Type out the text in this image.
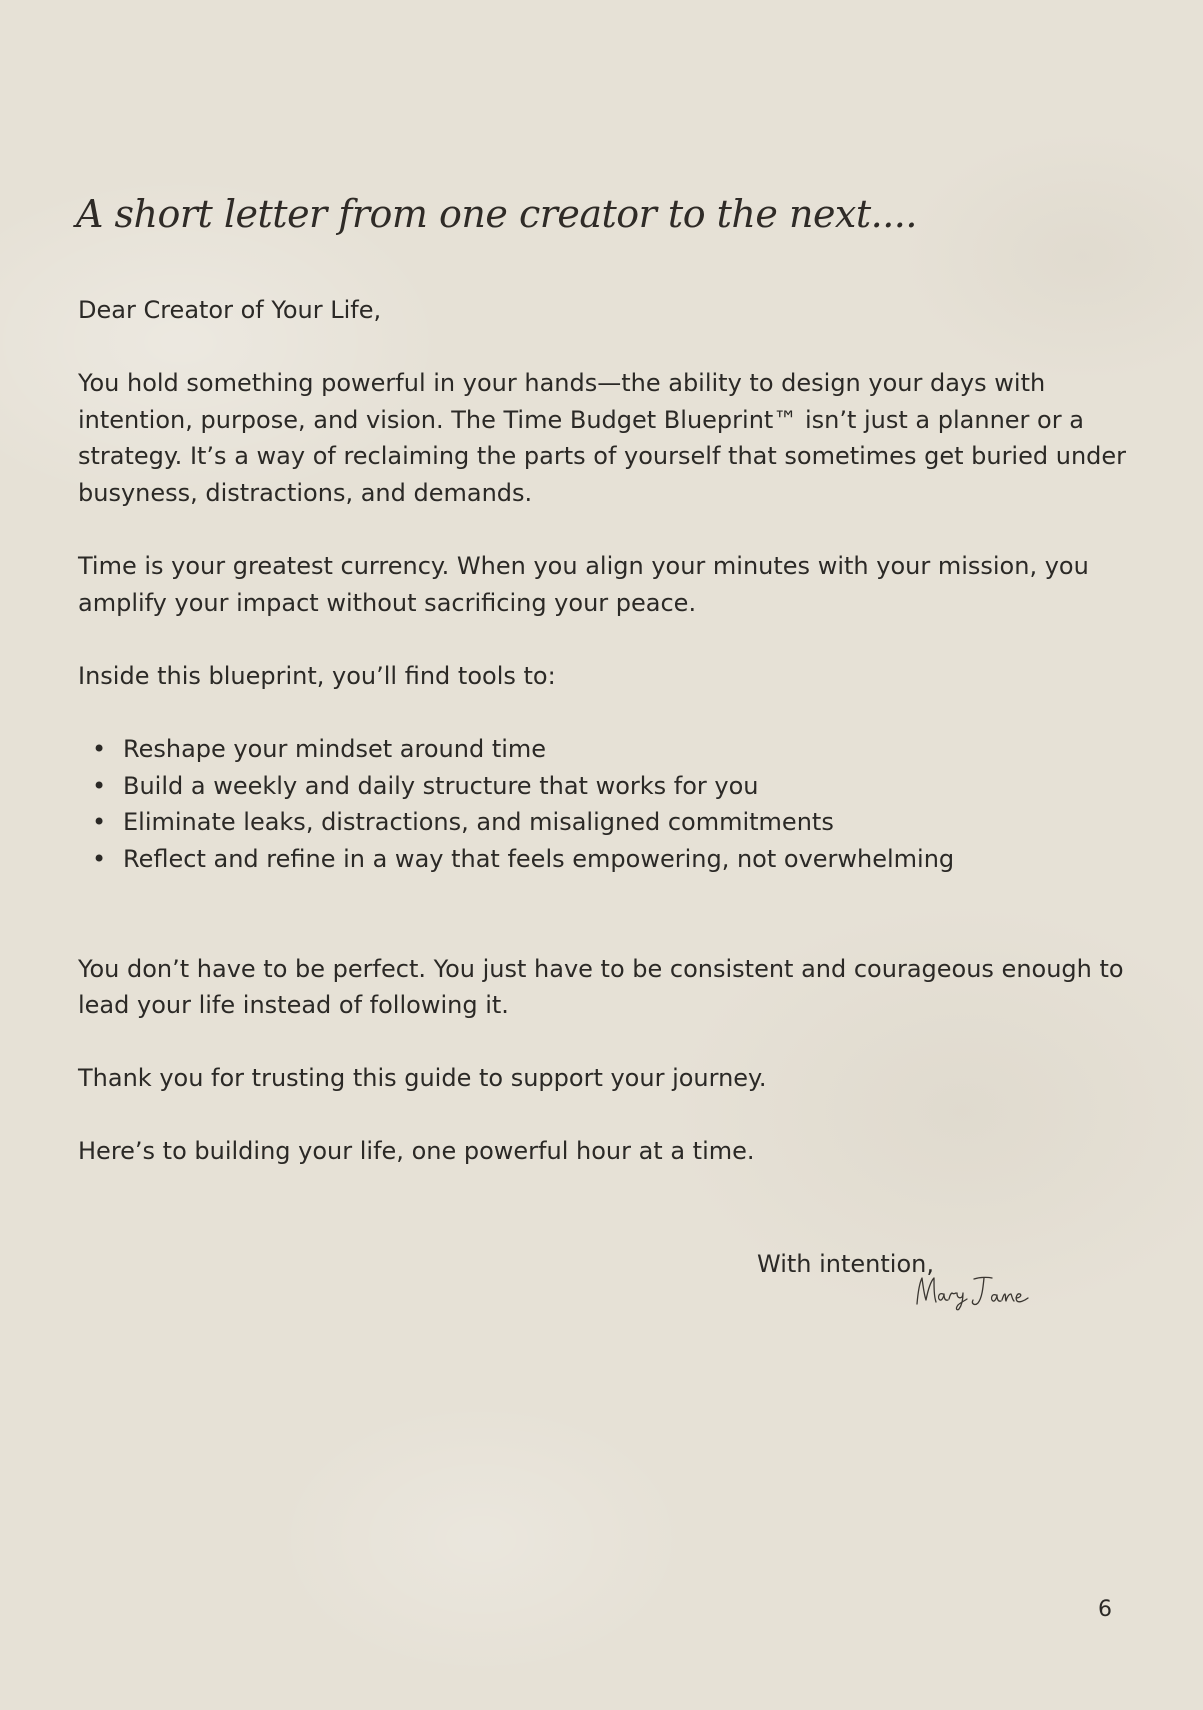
A short letter from one creator to the next....

Dear Creator of Your Life,

You hold something powerful in your hands—the ability to design your days with intention, purpose, and vision. The Time Budget Blueprint™ isn’t just a planner or a strategy. It’s a way of reclaiming the parts of yourself that sometimes get buried under busyness, distractions, and demands.

Time is your greatest currency. When you align your minutes with your mission, you amplify your impact without sacrificing your peace.

Inside this blueprint, you’ll find tools to:

• Reshape your mindset around time
• Build a weekly and daily structure that works for you
• Eliminate leaks, distractions, and misaligned commitments
• Reflect and refine in a way that feels empowering, not overwhelming

You don’t have to be perfect. You just have to be consistent and courageous enough to lead your life instead of following it.

Thank you for trusting this guide to support your journey.

Here’s to building your life, one powerful hour at a time.

With intention,
6
